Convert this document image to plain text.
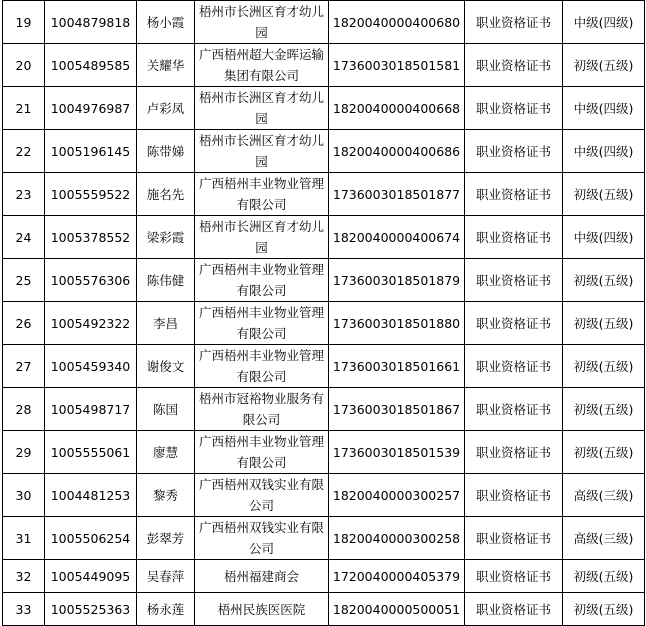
19	1004879818	杨小霞	梧州市长洲区育才幼儿园	1820040000400680	职业资格证书	中级(四级)
20	1005489585	关耀华	广西梧州超大金晖运输集团有限公司	1736003018501581	职业资格证书	初级(五级)
21	1004976987	卢彩凤	梧州市长洲区育才幼儿园	1820040000400668	职业资格证书	中级(四级)
22	1005196145	陈带娣	梧州市长洲区育才幼儿园	1820040000400686	职业资格证书	中级(四级)
23	1005559522	施名先	广西梧州丰业物业管理有限公司	1736003018501877	职业资格证书	初级(五级)
24	1005378552	梁彩霞	梧州市长洲区育才幼儿园	1820040000400674	职业资格证书	中级(四级)
25	1005576306	陈伟健	广西梧州丰业物业管理有限公司	1736003018501879	职业资格证书	初级(五级)
26	1005492322	李昌	广西梧州丰业物业管理有限公司	1736003018501880	职业资格证书	初级(五级)
27	1005459340	谢俊文	广西梧州丰业物业管理有限公司	1736003018501661	职业资格证书	初级(五级)
28	1005498717	陈国	梧州市冠裕物业服务有限公司	1736003018501867	职业资格证书	初级(五级)
29	1005555061	廖慧	广西梧州丰业物业管理有限公司	1736003018501539	职业资格证书	初级(五级)
30	1004481253	黎秀	广西梧州双钱实业有限公司	1820040000300257	职业资格证书	高级(三级)
31	1005506254	彭翠芳	广西梧州双钱实业有限公司	1820040000300258	职业资格证书	高级(三级)
32	1005449095	吴春萍	梧州福建商会	1720040000405379	职业资格证书	初级(五级)
33	1005525363	杨永莲	梧州民族医医院	1820040000500051	职业资格证书	初级(五级)
